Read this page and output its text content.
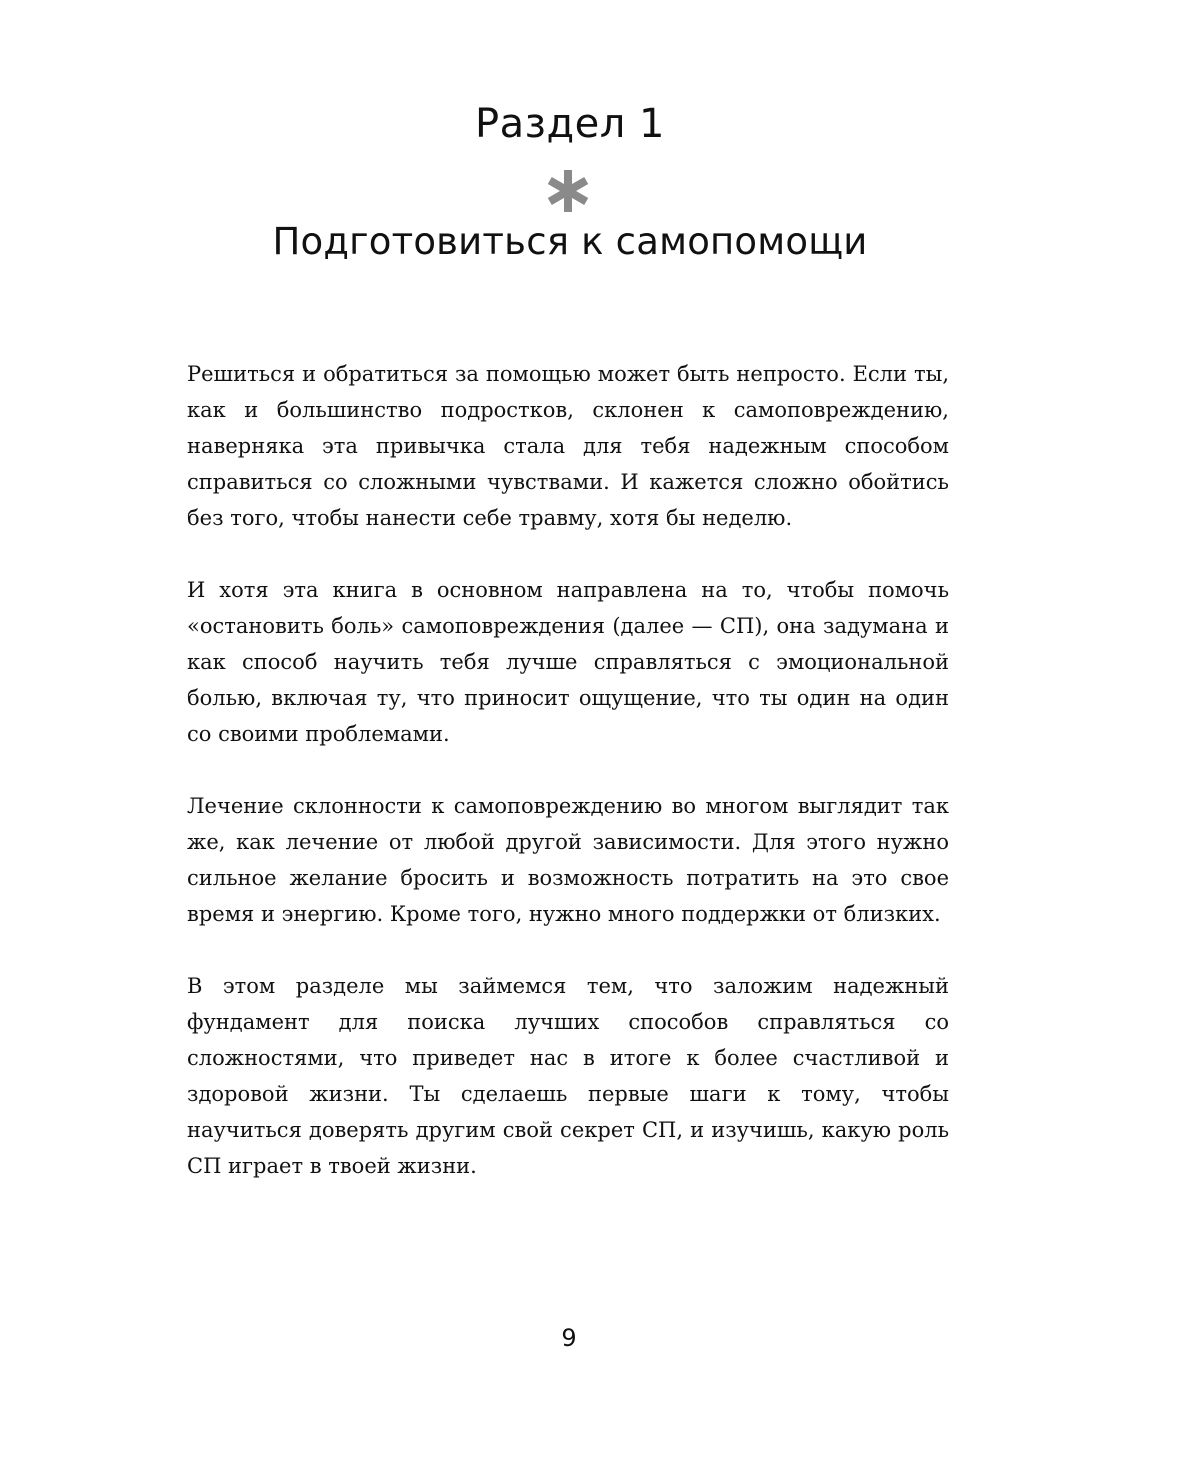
Раздел 1
Подготовиться к самопомощи

Решиться и обратиться за помощью может быть непросто. Если ты, как и большинство подростков, склонен к самоповреждению, наверняка эта привычка стала для тебя надежным способом справиться со сложными чувствами. И кажется сложно обойтись без того, чтобы нанести себе травму, хотя бы неделю.

И хотя эта книга в основном направлена на то, чтобы помочь «остановить боль» самоповреждения (далее — СП), она задумана и как способ научить тебя лучше справляться с эмоциональной болью, включая ту, что приносит ощущение, что ты один на один со своими проблемами.

Лечение склонности к самоповреждению во многом выглядит так же, как лечение от любой другой зависимости. Для этого нужно сильное желание бросить и возможность потратить на это свое время и энергию. Кроме того, нужно много поддержки от близких.

В этом разделе мы займемся тем, что заложим надежный фундамент для поиска лучших способов справляться со сложностями, что приведет нас в итоге к более счастливой и здоровой жизни. Ты сделаешь первые шаги к тому, чтобы научиться доверять другим свой секрет СП, и изучишь, какую роль СП играет в твоей жизни.

9
